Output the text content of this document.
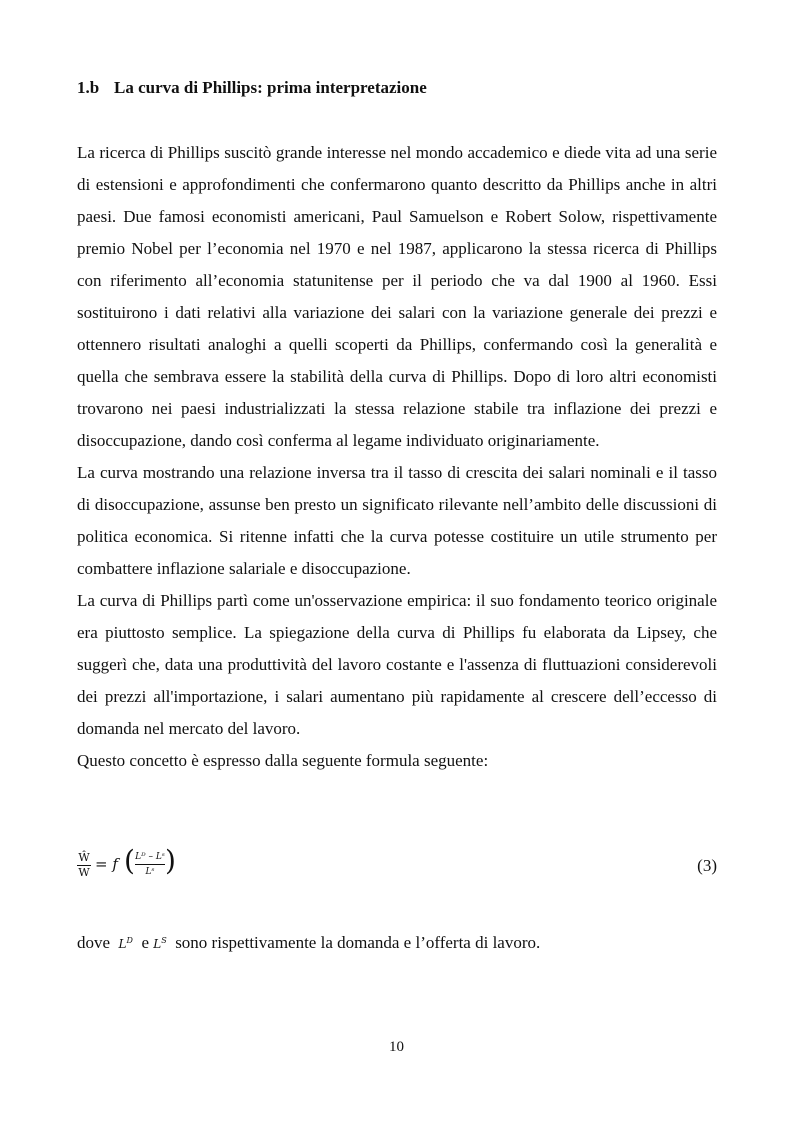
1.b La curva di Phillips: prima interpretazione

La ricerca di Phillips suscitò grande interesse nel mondo accademico e diede vita ad una serie di estensioni e approfondimenti che confermarono quanto descritto da Phillips anche in altri paesi. Due famosi economisti americani, Paul Samuelson e Robert Solow, rispettivamente premio Nobel per l’economia nel 1970 e nel 1987, applicarono la stessa ricerca di Phillips con riferimento all’economia statunitense per il periodo che va dal 1900 al 1960. Essi sostituirono i dati relativi alla variazione dei salari con la variazione generale dei prezzi e ottennero risultati analoghi a quelli scoperti da Phillips, confermando così la generalità e quella che sembrava essere la stabilità della curva di Phillips. Dopo di loro altri economisti trovarono nei paesi industrializzati la stessa relazione stabile tra inflazione dei prezzi e disoccupazione, dando così conferma al legame individuato originariamente.

La curva mostrando una relazione inversa tra il tasso di crescita dei salari nominali e il tasso di disoccupazione, assunse ben presto un significato rilevante nell’ambito delle discussioni di politica economica. Si ritenne infatti che la curva potesse costituire un utile strumento per combattere inflazione salariale e disoccupazione.

La curva di Phillips partì come un'osservazione empirica: il suo fondamento teorico originale era piuttosto semplice. La spiegazione della curva di Phillips fu elaborata da Lipsey, che suggerì che, data una produttività del lavoro costante e l'assenza di fluttuazioni considerevoli dei prezzi all'importazione, i salari aumentano più rapidamente al crescere dell’eccesso di domanda nel mercato del lavoro.

Questo concetto è espresso dalla seguente formula seguente:

Ŵ
W = f ( Lᴰ – Lˢ
Lˢ )	(3)
dove $L^D$ e $L^S$ sono rispettivamente la domanda e l’offerta di lavoro.
10
